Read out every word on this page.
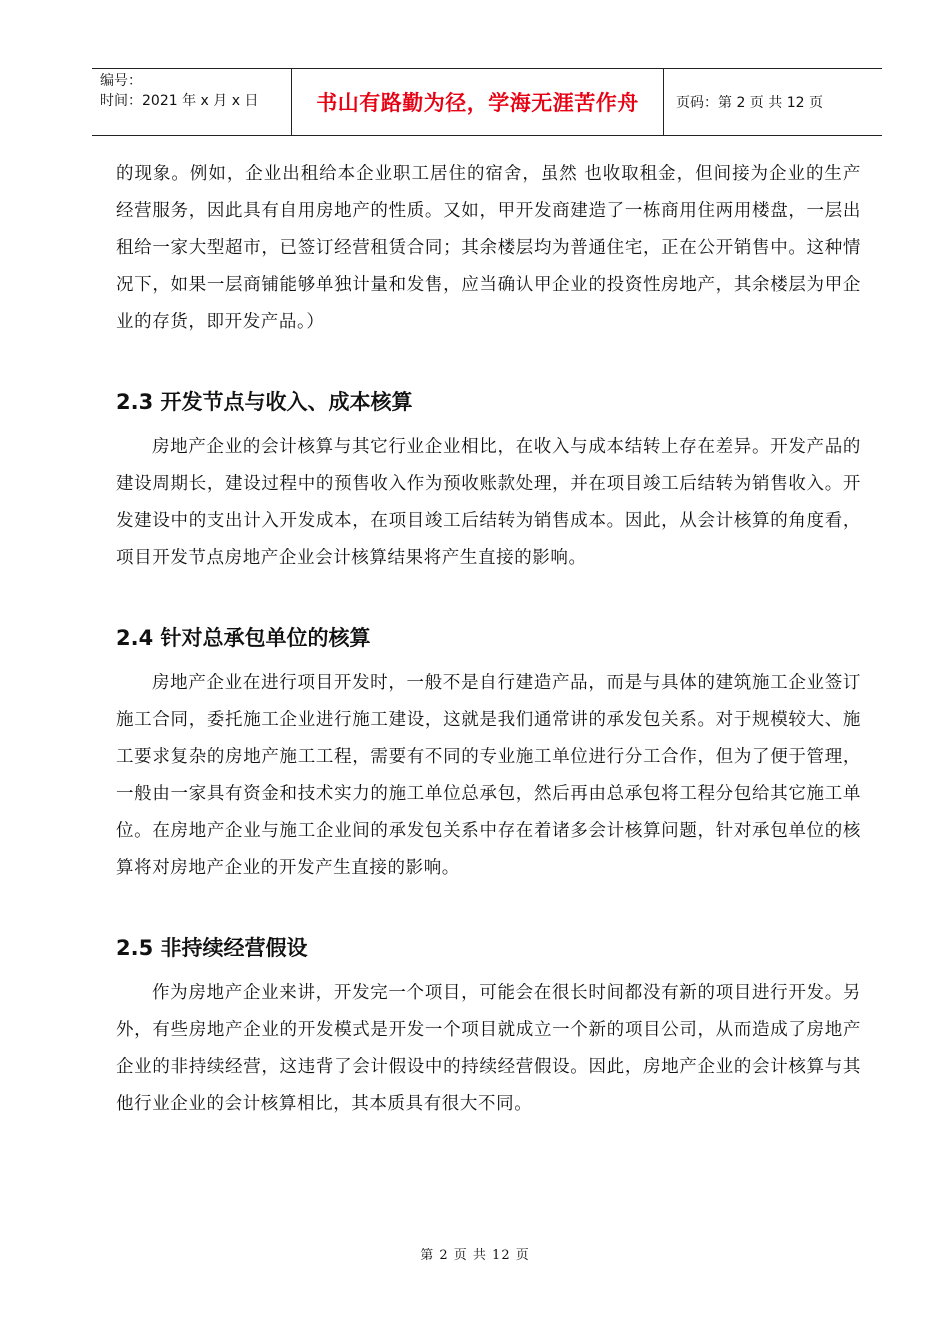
编号：
时间：2021 年 x 月 x 日	书山有路勤为径，学海无涯苦作舟	页码：第 2 页 共 12 页

的现象。例如，企业出租给本企业职工居住的宿舍，虽然 也收取租金，但间接为企业的生产经营服务，因此具有自用房地产的性质。又如，甲开发商建造了一栋商用住两用楼盘，一层出租给一家大型超市，已签订经营租赁合同；其余楼层均为普通住宅，正在公开销售中。这种情况下，如果一层商铺能够单独计量和发售，应当确认甲企业的投资性房地产，其余楼层为甲企业的存货，即开发产品。）

2.3 开发节点与收入、成本核算

房地产企业的会计核算与其它行业企业相比，在收入与成本结转上存在差异。开发产品的建设周期长，建设过程中的预售收入作为预收账款处理，并在项目竣工后结转为销售收入。开发建设中的支出计入开发成本，在项目竣工后结转为销售成本。因此，从会计核算的角度看，项目开发节点房地产企业会计核算结果将产生直接的影响。

2.4 针对总承包单位的核算

房地产企业在进行项目开发时，一般不是自行建造产品，而是与具体的建筑施工企业签订施工合同，委托施工企业进行施工建设，这就是我们通常讲的承发包关系。对于规模较大、施工要求复杂的房地产施工工程，需要有不同的专业施工单位进行分工合作，但为了便于管理，一般由一家具有资金和技术实力的施工单位总承包，然后再由总承包将工程分包给其它施工单位。在房地产企业与施工企业间的承发包关系中存在着诸多会计核算问题，针对承包单位的核算将对房地产企业的开发产生直接的影响。

2.5 非持续经营假设

作为房地产企业来讲，开发完一个项目，可能会在很长时间都没有新的项目进行开发。另外，有些房地产企业的开发模式是开发一个项目就成立一个新的项目公司，从而造成了房地产企业的非持续经营，这违背了会计假设中的持续经营假设。因此，房地产企业的会计核算与其他行业企业的会计核算相比，其本质具有很大不同。

第 2 页 共 12 页
